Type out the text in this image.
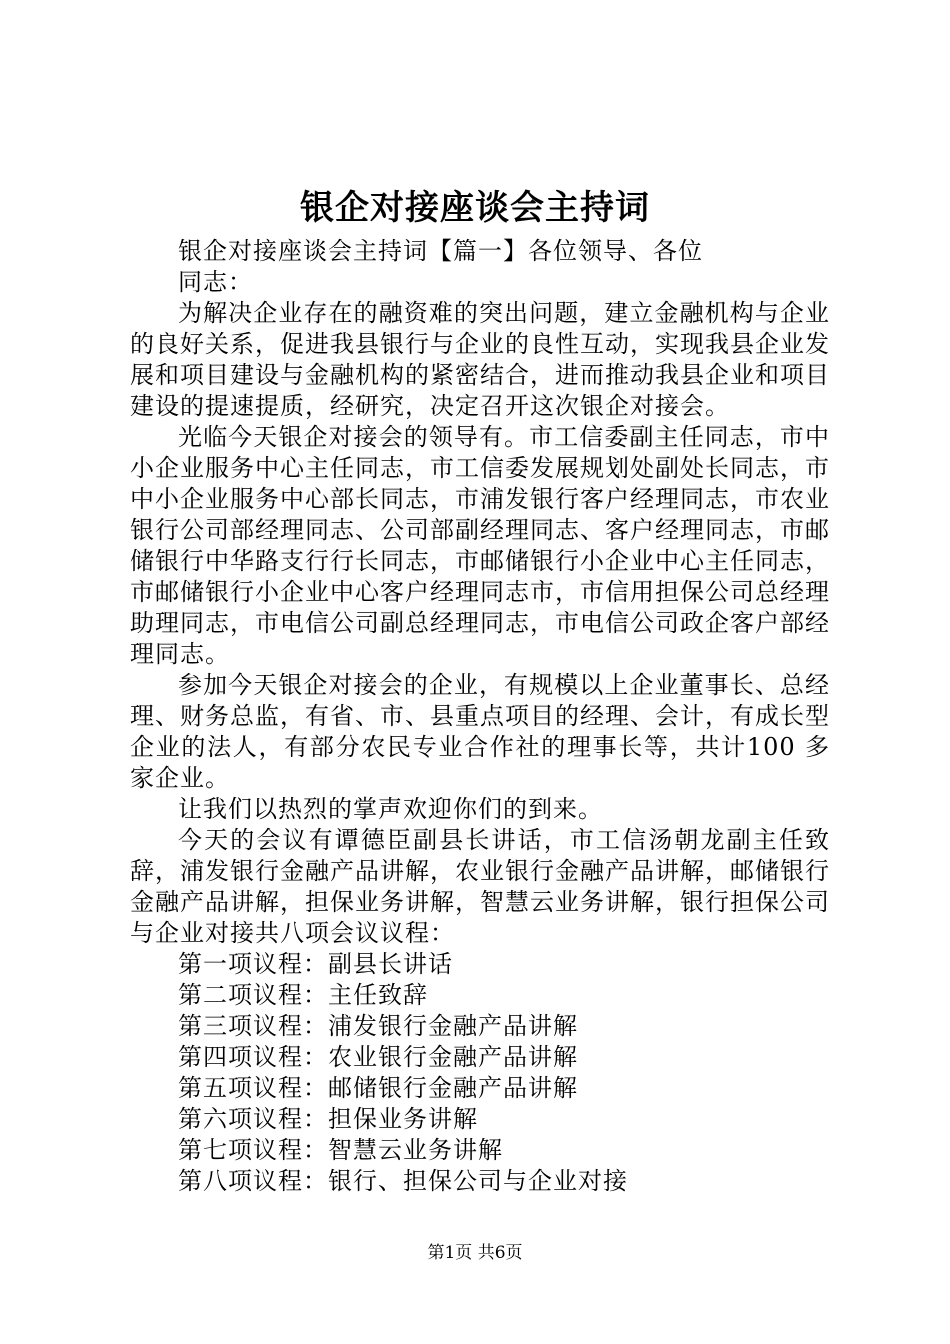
银企对接座谈会主持词

银企对接座谈会主持词【篇一】各位领导、各位

同志：

为解决企业存在的融资难的突出问题，建立金融机构与企业的良好关系，促进我县银行与企业的良性互动，实现我县企业发展和项目建设与金融机构的紧密结合，进而推动我县企业和项目建设的提速提质，经研究，决定召开这次银企对接会。

光临今天银企对接会的领导有。市工信委副主任同志，市中小企业服务中心主任同志，市工信委发展规划处副处长同志，市中小企业服务中心部长同志，市浦发银行客户经理同志，市农业银行公司部经理同志、公司部副经理同志、客户经理同志，市邮储银行中华路支行行长同志，市邮储银行小企业中心主任同志，市邮储银行小企业中心客户经理同志市，市信用担保公司总经理助理同志，市电信公司副总经理同志，市电信公司政企客户部经理同志。

参加今天银企对接会的企业，有规模以上企业董事长、总经理、财务总监，有省、市、县重点项目的经理、会计，有成长型企业的法人，有部分农民专业合作社的理事长等，共计100 多家企业。

让我们以热烈的掌声欢迎你们的到来。

今天的会议有谭德臣副县长讲话，市工信汤朝龙副主任致辞，浦发银行金融产品讲解，农业银行金融产品讲解，邮储银行金融产品讲解，担保业务讲解，智慧云业务讲解，银行担保公司与企业对接共八项会议议程：

第一项议程：副县长讲话

第二项议程：主任致辞

第三项议程：浦发银行金融产品讲解

第四项议程：农业银行金融产品讲解

第五项议程：邮储银行金融产品讲解

第六项议程：担保业务讲解

第七项议程：智慧云业务讲解

第八项议程：银行、担保公司与企业对接

第1页 共6页
